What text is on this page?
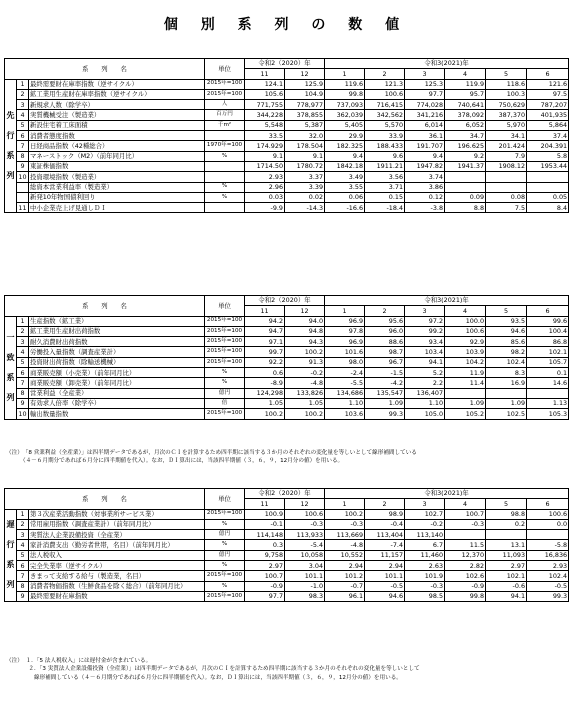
個 別 系 列 の 数 値
系　　列　　名			単位	令和2（2020）年		令和3(2021)年					
				11	12	1	2	3	4	5	6
先

行

系

列	1	最終需要財在庫率指数（逆サイクル）	2015年=100	124.1	125.9	119.6	121.3	125.3	119.9	118.6	121.6
	2	鉱工業用生産財在庫率指数（逆サイクル）	2015年=100	105.6	104.9	99.8	100.6	97.7	95.7	100.3	97.5
	3	新規求人数（除学卒）	人	771,755	778,977	737,093	716,415	774,028	740,641	750,629	787,207
	4	実質機械受注（製造業）	百万円	344,228	378,855	362,039	342,562	341,216	378,092	387,370	401,935
	5	新設住宅着工床面積	千m²	5,548	5,387	5,405	5,570	6,014	6,052	5,970	5,864
	6	消費者態度指数		33.5	32.0	29.9	33.9	36.1	34.7	34.1	37.4
	7	日経商品指数（42種総合）	1970年=100	174.929	178.504	182.325	188.433	191.707	196.625	201.424	204.391
	8	マネーストック（M2）（前年同月比）	%	9.1	9.1	9.4	9.6	9.4	9.2	7.9	5.8
	9	東証株価指数		1714.50	1780.72	1842.18	1911.21	1947.82	1941.37	1908.12	1953.44
	10	投資環境指数（製造業）		2.93	3.37	3.49	3.56	3.74			
		総資本営業利益率（製造業）	%	2.96	3.39	3.55	3.71	3.86			
		新発10年物国債利回り	%	0.03	0.02	0.06	0.15	0.12	0.09	0.08	0.05
	11	中小企業売上げ見通しＤＩ		-9.9	-14.3	-16.6	-18.4	-3.8	8.8	7.5	8.4
系　　列　　名			単位	令和2（2020）年		令和3(2021)年					
				11	12	1	2	3	4	5	6
一

致

系

列	1	生産指数（鉱工業）	2015年=100	94.2	94.0	96.9	95.6	97.2	100.0	93.5	99.6
	2	鉱工業用生産財出荷指数	2015年=100	94.7	94.8	97.8	96.0	99.2	100.6	94.6	100.4
	3	耐久消費財出荷指数	2015年=100	97.1	94.3	96.9	88.6	93.4	92.9	85.6	86.8
	4	労働投入量指数（調査産業計）	2015年=100	99.7	100.2	101.6	98.7	103.4	103.9	98.2	102.1
	5	投資財出荷指数（除輸送機械）	2015年=100	92.2	91.3	98.0	96.7	94.1	104.2	102.4	105.7
	6	商業販売額（小売業）（前年同月比）	%	0.6	-0.2	-2.4	-1.5	5.2	11.9	8.3	0.1
	7	商業販売額（卸売業）（前年同月比）	%	-8.9	-4.8	-5.5	-4.2	2.2	11.4	16.9	14.6
	8	営業利益（全産業）	億円	124,298	133,826	134,686	135,547	136,407			
	9	有効求人倍率（除学卒）	倍	1.05	1.05	1.10	1.09	1.10	1.09	1.09	1.13
	10	輸出数量指数	2015年=100	100.2	100.2	103.6	99.3	105.0	105.2	102.5	105.3
（注）　「8 営業利益（全産業）」は四半期データであるが，月次のＣＩを計算するため四半期に該当する３か月のそれぞれの変化量を等しいとして線形補間している
　　　（４－６月期分であれば６月分に四半期値を代入）。なお，ＤＩ算出には，当該四半期値（３，６，９，12月分の値）を用いる。
系　　列　　名			単位	令和2（2020）年		令和3(2021)年					
				11	12	1	2	3	4	5	6
遅

行

系

列	1	第３次産業活動指数（対事業所サービス業）	2015年=100	100.9	100.6	100.2	98.9	102.7	100.7	98.8	100.6
	2	常用雇用指数（調査産業計）（前年同月比）	%	-0.1	-0.3	-0.3	-0.4	-0.2	-0.3	0.2	0.0
	3	実質法人企業設備投資（全産業）	億円	114,148	113,933	113,669	113,404	113,140			
	4	家計消費支出（勤労者世帯，名目）（前年同月比）	%	0.3	-5.4	-4.8	-7.4	6.7	11.5	13.1	-5.8
	5	法人税収入	億円	9,758	10,058	10,552	11,157	11,460	12,370	11,093	16,836
	6	完全失業率（逆サイクル）	%	2.97	3.04	2.94	2.94	2.63	2.82	2.97	2.93
	7	きまって支給する給与（製造業，名目）	2015年=100	100.7	101.1	101.2	101.1	101.9	102.6	102.1	102.4
	8	消費者物価指数（生鮮食品を除く総合）（前年同月比）	%	-0.9	-1.0	-0.7	-0.5	-0.3	-0.9	-0.6	-0.5
	9	最終需要財在庫指数	2015年=100	97.7	98.3	96.1	94.6	98.5	99.8	94.1	99.3
（注）　１．「5 法人税収入」には遅付金が含まれている。
　　　　２．「3 実質法人企業設備投資（全産業）」は四半期データであるが，月次のＣＩを計算するため四半期に該当する３か月のそれぞれの変化量を等しいとして
　　　　　線形補間している（４－６月期分であれば６月分に四半期値を代入）。なお，ＤＩ算出には，当該四半期値（３，６，９，12月分の値）を用いる。
